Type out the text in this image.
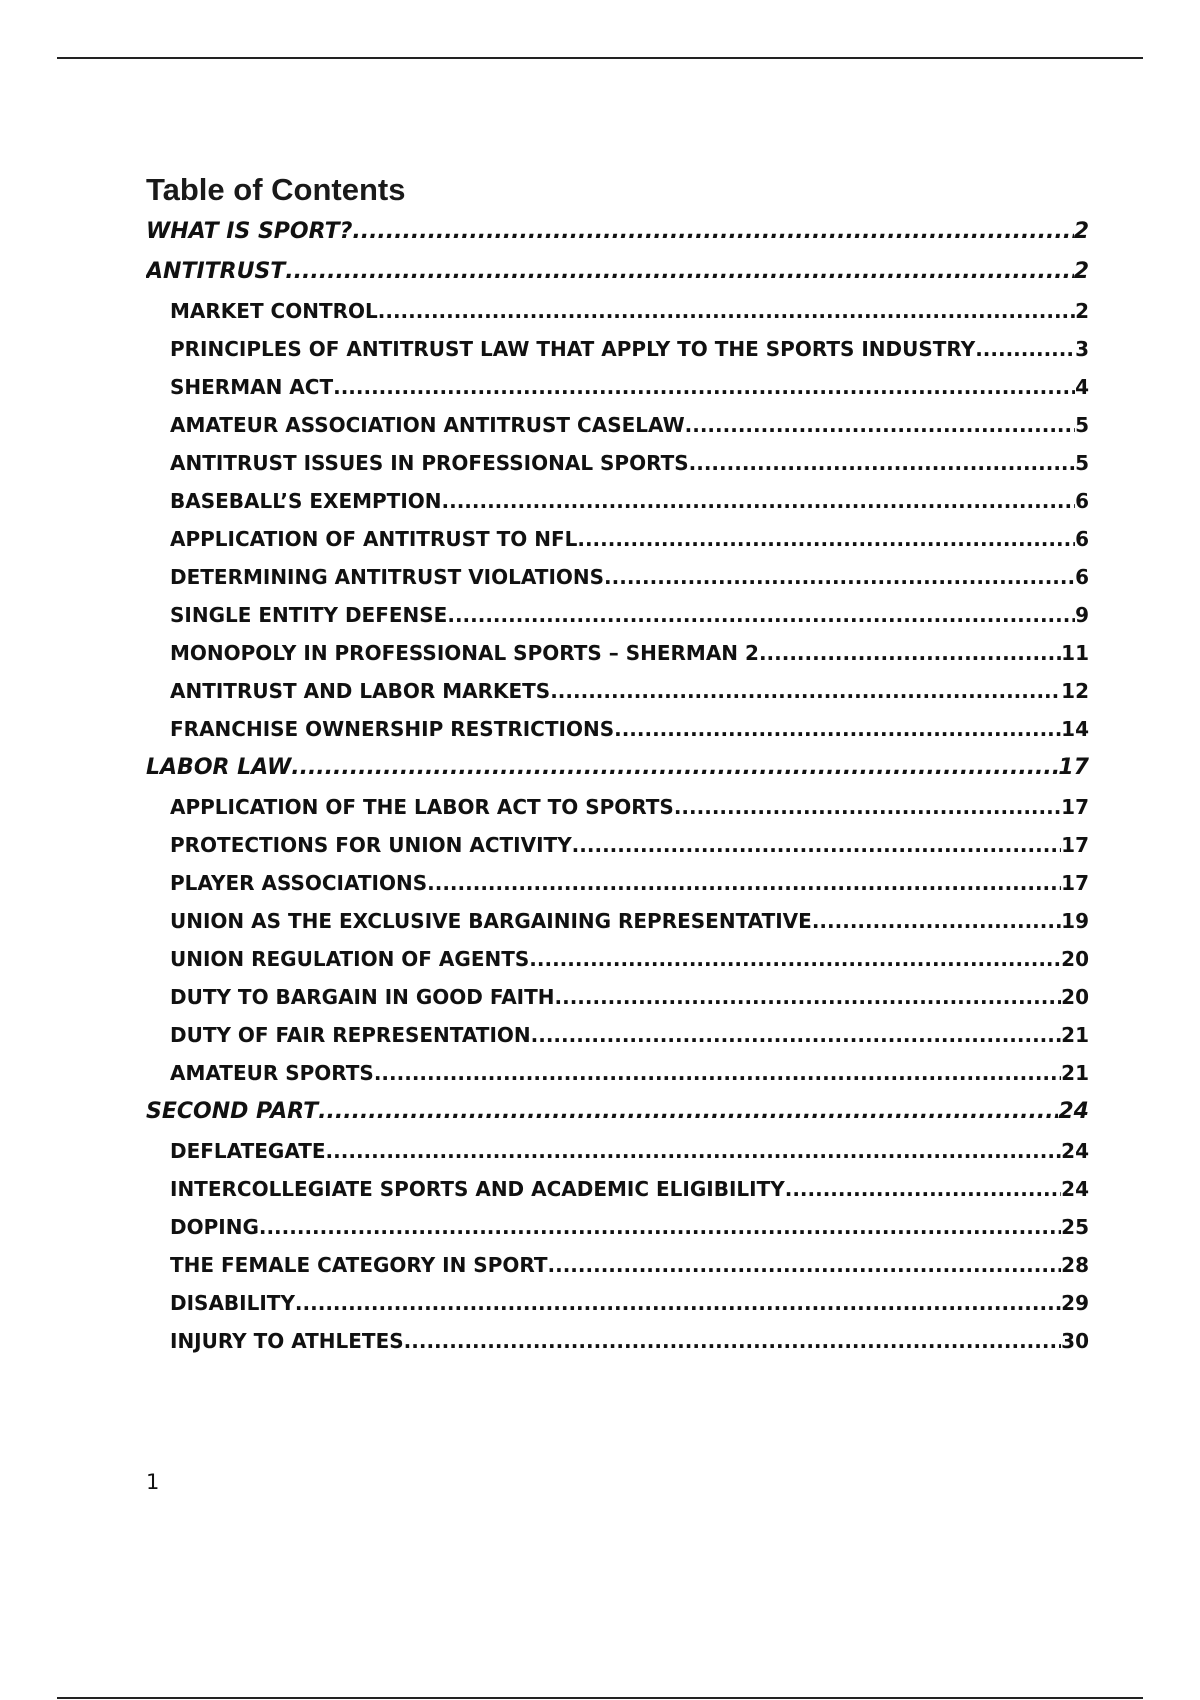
Table of Contents
WHAT IS SPORT? .....	2
ANTITRUST .....	2
MARKET CONTROL .....	2
PRINCIPLES OF ANTITRUST LAW THAT APPLY TO THE SPORTS INDUSTRY .....	3
SHERMAN ACT .....	4
AMATEUR ASSOCIATION ANTITRUST CASELAW .....	5
ANTITRUST ISSUES IN PROFESSIONAL SPORTS .....	5
BASEBALL’S EXEMPTION .....	6
APPLICATION OF ANTITRUST TO NFL .....	6
DETERMINING ANTITRUST VIOLATIONS .....	6
SINGLE ENTITY DEFENSE .....	9
MONOPOLY IN PROFESSIONAL SPORTS – SHERMAN 2 .....	11
ANTITRUST AND LABOR MARKETS .....	12
FRANCHISE OWNERSHIP RESTRICTIONS .....	14
LABOR LAW .....	17
APPLICATION OF THE LABOR ACT TO SPORTS .....	17
PROTECTIONS FOR UNION ACTIVITY .....	17
PLAYER ASSOCIATIONS .....	17
UNION AS THE EXCLUSIVE BARGAINING REPRESENTATIVE .....	19
UNION REGULATION OF AGENTS .....	20
DUTY TO BARGAIN IN GOOD FAITH .....	20
DUTY OF FAIR REPRESENTATION .....	21
AMATEUR SPORTS .....	21
SECOND PART .....	24
DEFLATEGATE .....	24
INTERCOLLEGIATE SPORTS AND ACADEMIC ELIGIBILITY .....	24
DOPING .....	25
THE FEMALE CATEGORY IN SPORT .....	28
DISABILITY .....	29
INJURY TO ATHLETES .....	30
1
